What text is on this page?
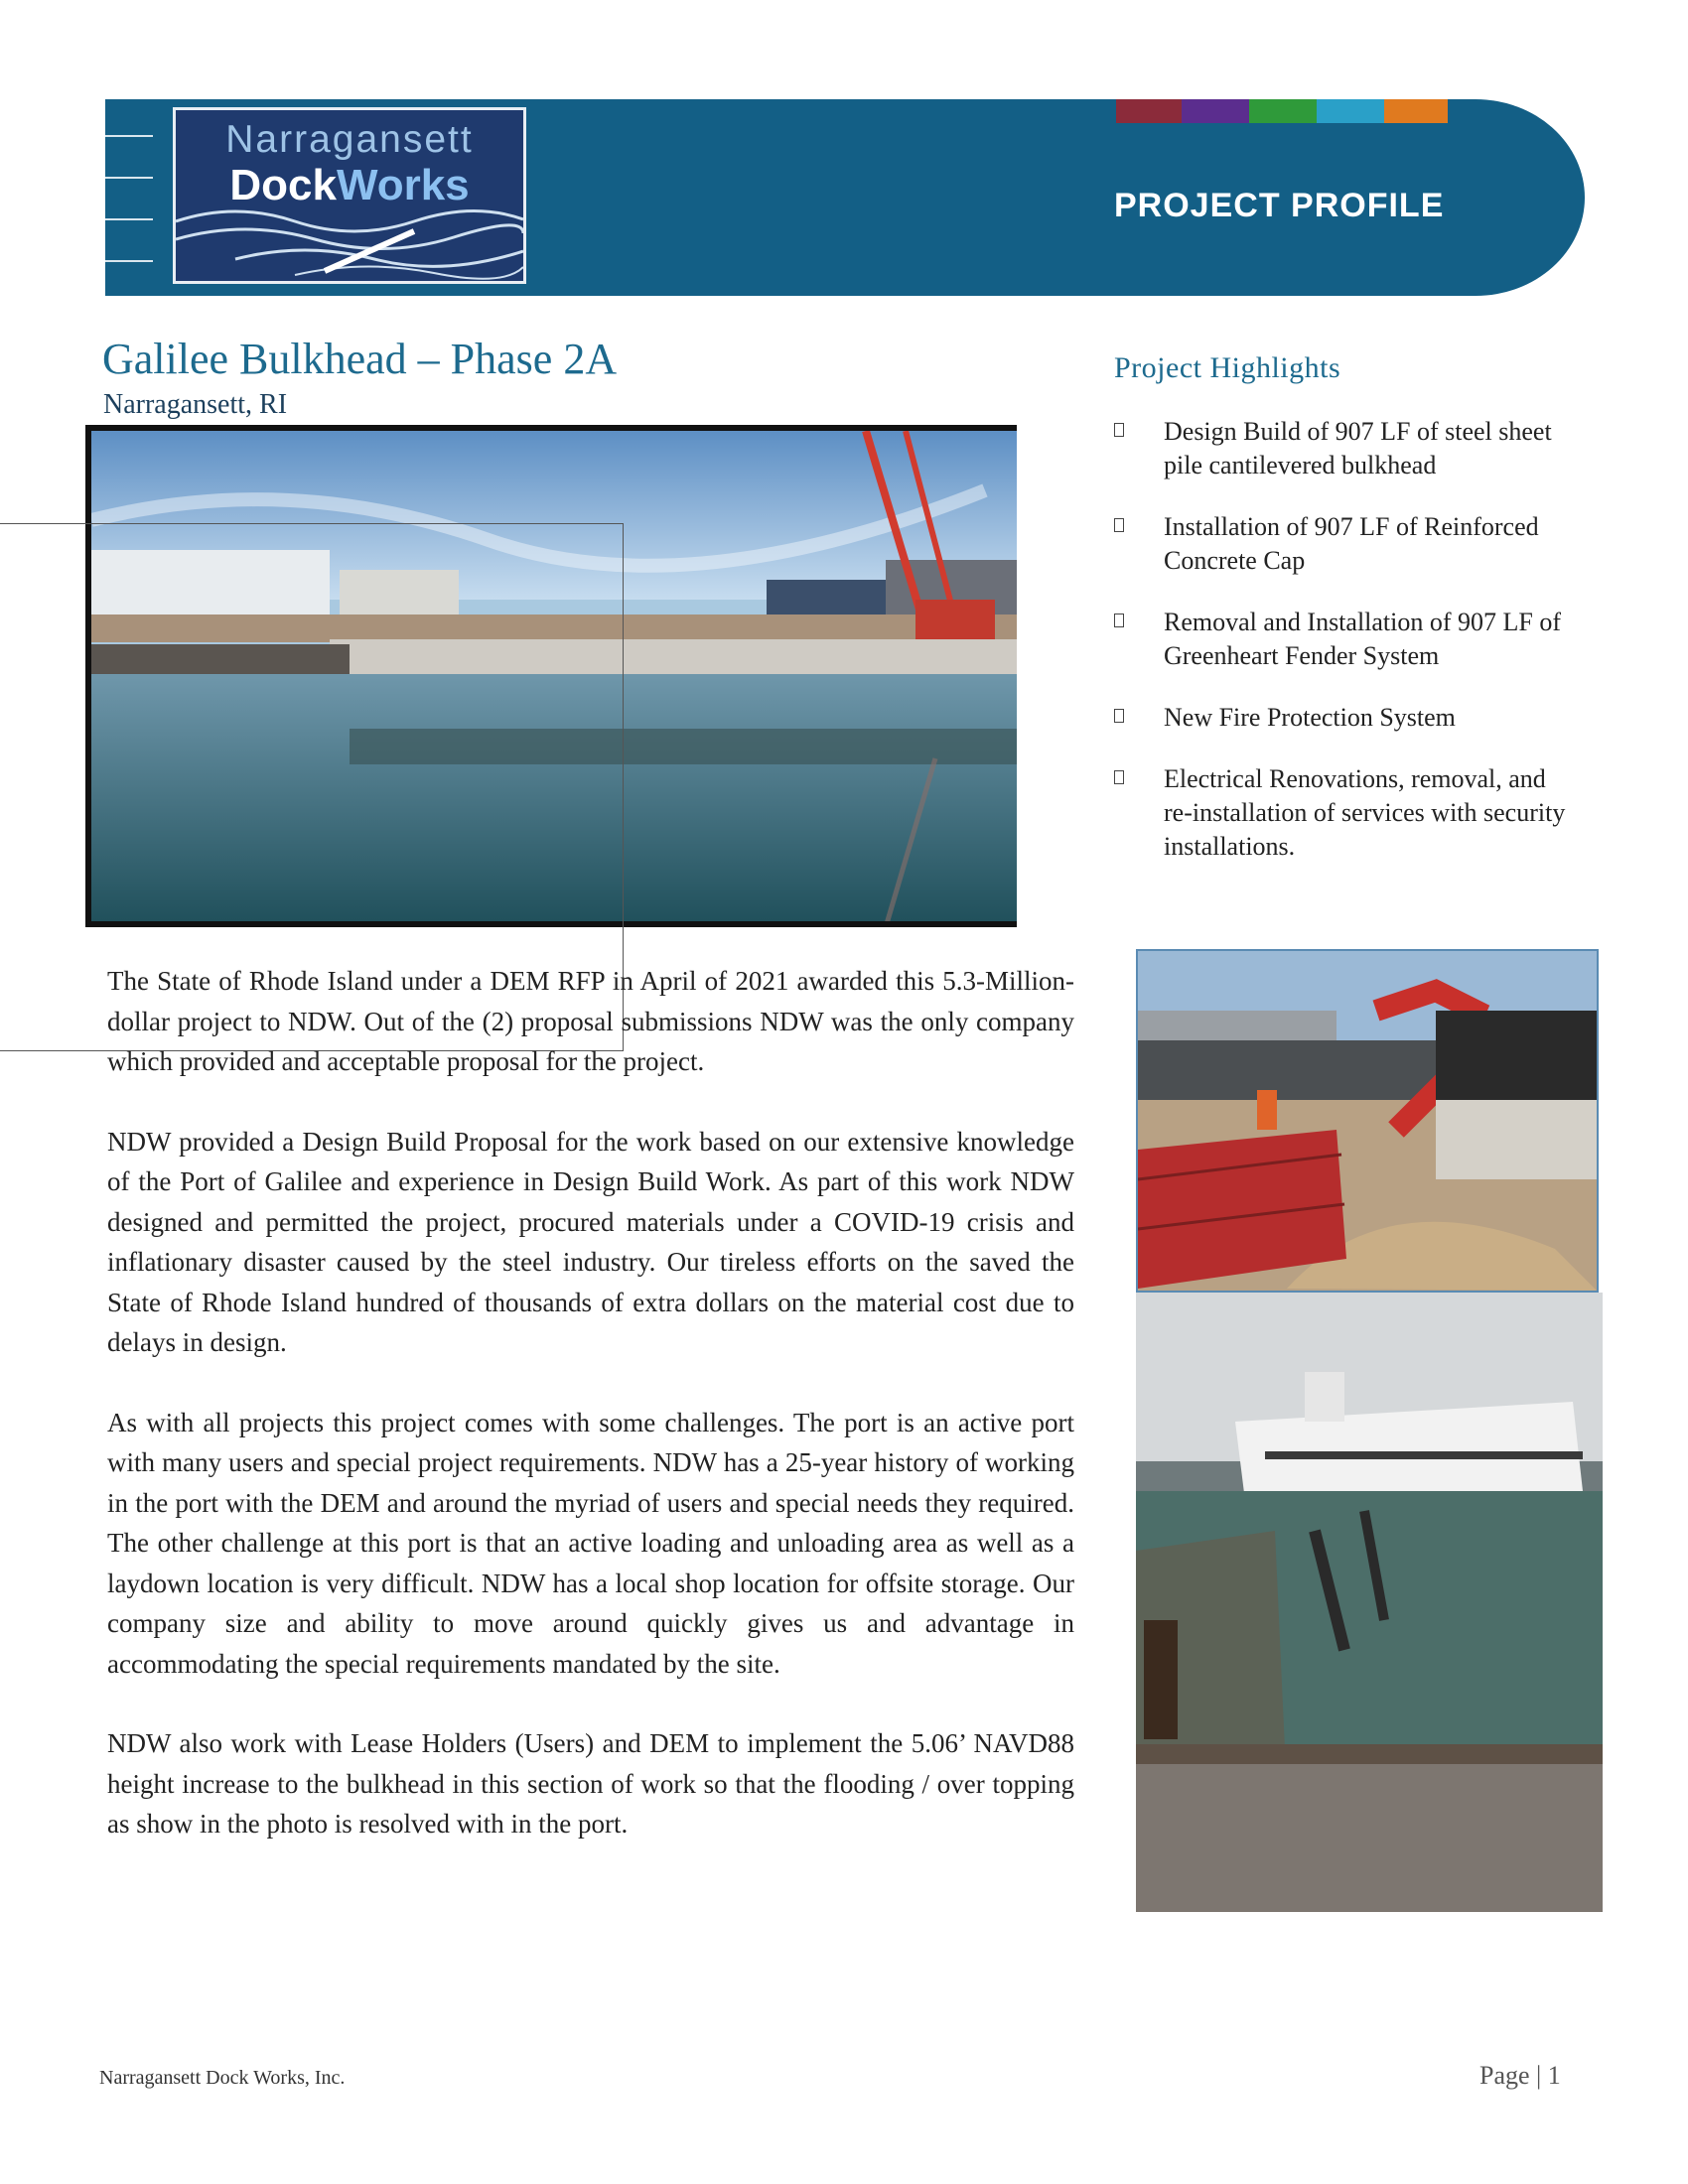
Narragansett
DockWorks	PROJECT PROFILE
Galilee Bulkhead – Phase 2A
Narragansett, RI
Project Highlights
Design Build of 907 LF of steel sheet pile cantilevered bulkhead
Installation of 907 LF of Reinforced Concrete Cap
Removal and Installation of 907 LF of Greenheart Fender System
New Fire Protection System
Electrical Renovations, removal, and re-installation of services with security installations.

The State of Rhode Island under a DEM RFP in April of 2021 awarded this 5.3-Million-dollar project to NDW. Out of the (2) proposal submissions NDW was the only company which provided and acceptable proposal for the project.

NDW provided a Design Build Proposal for the work based on our extensive knowledge of the Port of Galilee and experience in Design Build Work. As part of this work NDW designed and permitted the project, procured materials under a COVID-19 crisis and inflationary disaster caused by the steel industry. Our tireless efforts on the saved the State of Rhode Island hundred of thousands of extra dollars on the material cost due to delays in design.

As with all projects this project comes with some challenges. The port is an active port with many users and special project requirements. NDW has a 25-year history of working in the port with the DEM and around the myriad of users and special needs they required. The other challenge at this port is that an active loading and unloading area as well as a laydown location is very difficult. NDW has a local shop location for offsite storage. Our company size and ability to move around quickly gives us and advantage in accommodating the special requirements mandated by the site.

NDW also work with Lease Holders (Users) and DEM to implement the 5.06’ NAVD88 height increase to the bulkhead in this section of work so that the flooding / over topping as show in the photo is resolved with in the port.

Narragansett Dock Works, Inc.	Page | 1
